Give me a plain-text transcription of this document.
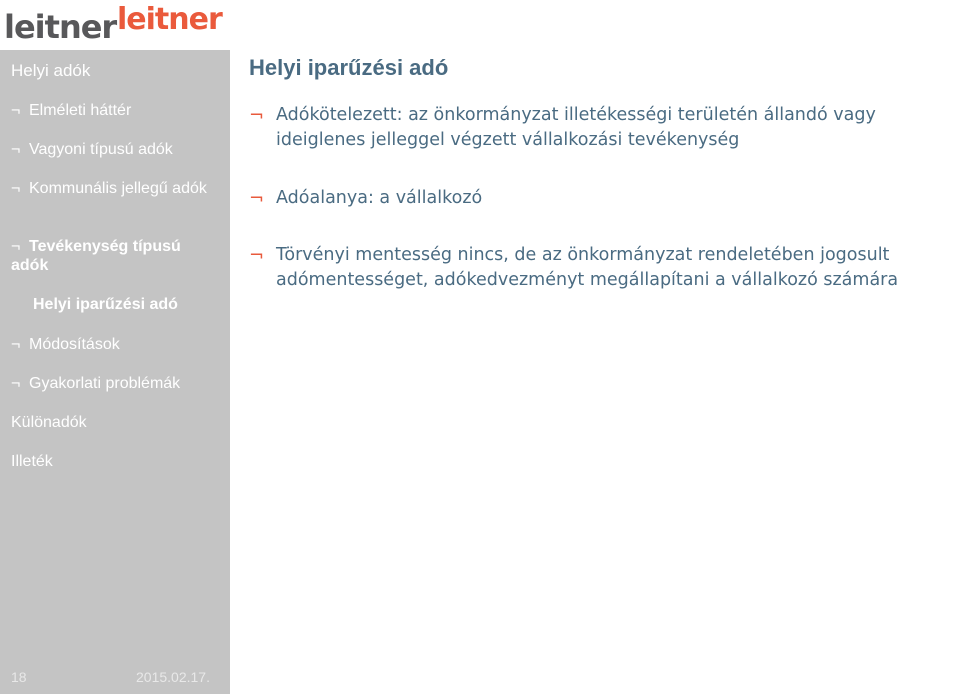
leitner leitner
Helyi adók
¬ Elméleti háttér
¬ Vagyoni típusú adók
¬ Kommunális jellegű adók
¬ Tevékenység típusú adók
Helyi iparűzési adó
¬ Módosítások
¬ Gyakorlati problémák
Különadók
Illeték
18	2015.02.17.
Helyi iparűzési adó
¬ Adókötelezett: az önkormányzat illetékességi területén állandó vagy ideiglenes jelleggel végzett vállalkozási tevékenység
¬ Adóalanya: a vállalkozó
¬ Törvényi mentesség nincs, de az önkormányzat rendeletében jogosult adómentességet, adókedvezményt megállapítani a vállalkozó számára
